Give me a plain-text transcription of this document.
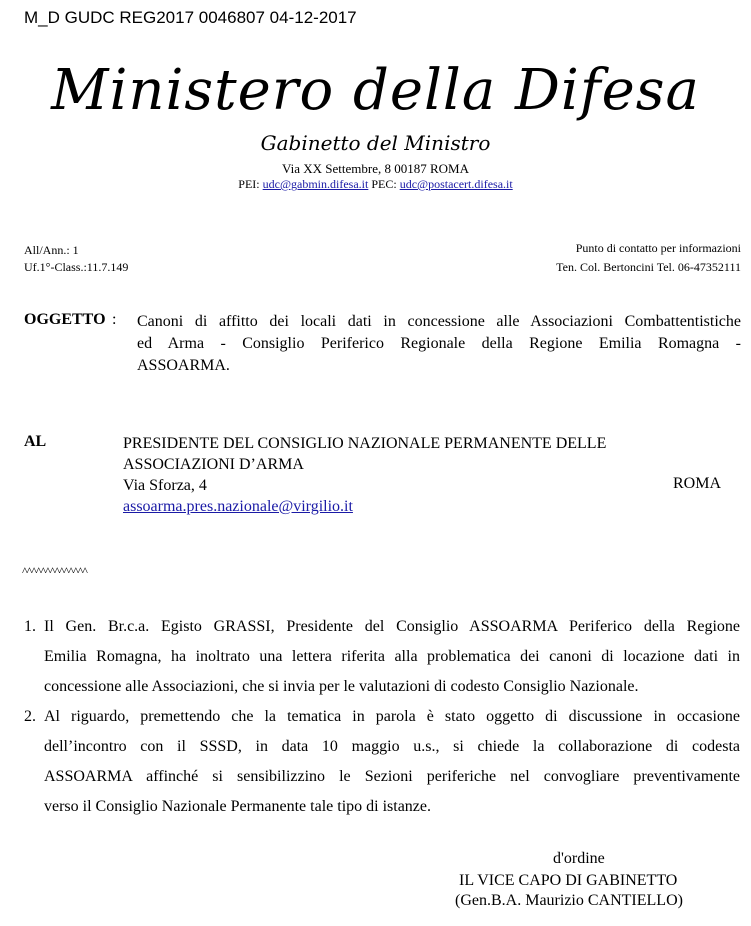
M_D GUDC REG2017 0046807 04-12-2017
Ministero della Difesa
Gabinetto del Ministro
Via XX Settembre, 8 00187 ROMA
PEI: udc@gabmin.difesa.it PEC: udc@postacert.difesa.it
All/Ann.: 1
Uf.1°-Class.:11.7.149
Punto di contatto per informazioni
Ten. Col. Bertoncini Tel. 06-47352111
OGGETTO : Canoni di affitto dei locali dati in concessione alle Associazioni Combattentistiche
ed Arma - Consiglio Periferico Regionale della Regione Emilia Romagna -
ASSOARMA.
AL	PRESIDENTE DEL CONSIGLIO NAZIONALE PERMANENTE DELLE
ASSOCIAZIONI D’ARMA
Via Sforza, 4
assoarma.pres.nazionale@virgilio.it
ROMA
^^^^^^^^^^^^^^
1. Il Gen. Br.c.a. Egisto GRASSI, Presidente del Consiglio ASSOARMA Periferico della Regione
Emilia Romagna, ha inoltrato una lettera riferita alla problematica dei canoni di locazione dati in
concessione alle Associazioni, che si invia per le valutazioni di codesto Consiglio Nazionale.
2. Al riguardo, premettendo che la tematica in parola è stato oggetto di discussione in occasione
dell’incontro con il SSSD, in data 10 maggio u.s., si chiede la collaborazione di codesta
ASSOARMA affinché si sensibilizzino le Sezioni periferiche nel convogliare preventivamente
verso il Consiglio Nazionale Permanente tale tipo di istanze.
d'ordine
IL VICE CAPO DI GABINETTO
(Gen.B.A. Maurizio CANTIELLO)
